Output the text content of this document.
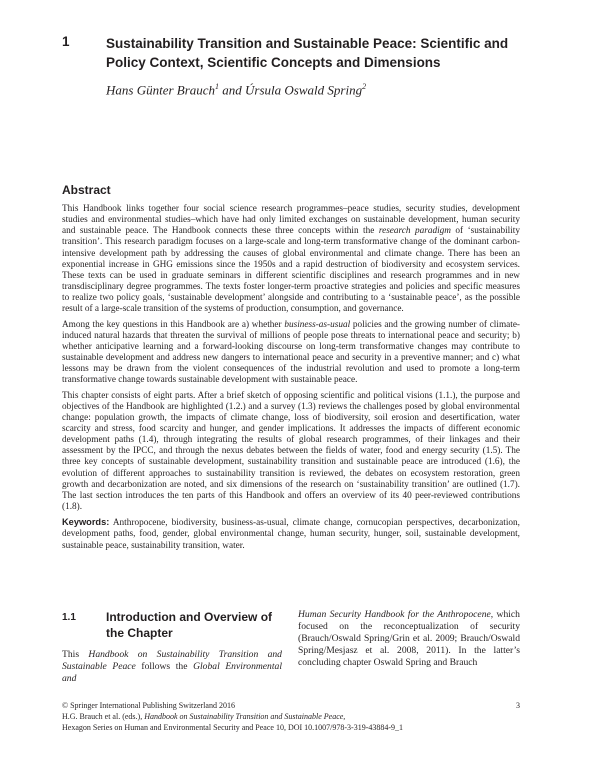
1	Sustainability Transition and Sustainable Peace: Scientific and Policy Context, Scientific Concepts and Dimensions
Hans Günter Brauch$^1$ and Úrsula Oswald Spring$^2$
Abstract

This Handbook links together four social science research programmes–peace studies, security studies, development studies and environmental studies–which have had only limited exchanges on sustainable development, human security and sustainable peace. The Handbook connects these three concepts within the research paradigm of ‘sustainability transition’. This research paradigm focuses on a large-scale and long-term transformative change of the dominant carbon-intensive development path by addressing the causes of global environmental and climate change. There has been an exponential increase in GHG emissions since the 1950s and a rapid destruction of biodiversity and ecosystem services. These texts can be used in graduate seminars in different scientific disciplines and research programmes and in new transdisciplinary degree programmes. The texts foster longer-term proactive strategies and policies and specific measures to realize two policy goals, ‘sustainable development’ alongside and contributing to a ‘sustainable peace’, as the possible result of a large-scale transition of the systems of production, consumption, and governance.

Among the key questions in this Handbook are a) whether business-as-usual policies and the growing number of climate-induced natural hazards that threaten the survival of millions of people pose threats to international peace and security; b) whether anticipative learning and a forward-looking discourse on long-term transformative changes may contribute to sustainable development and address new dangers to international peace and security in a preventive manner; and c) what lessons may be drawn from the violent consequences of the industrial revolution and used to promote a long-term transformative change towards sustainable development with sustainable peace.

This chapter consists of eight parts. After a brief sketch of opposing scientific and political visions (1.1.), the purpose and objectives of the Handbook are highlighted (1.2.) and a survey (1.3) reviews the challenges posed by global environmental change: population growth, the impacts of climate change, loss of biodiversity, soil erosion and desertification, water scarcity and stress, food scarcity and hunger, and gender implications. It addresses the impacts of different economic development paths (1.4), through integrating the results of global research programmes, of their linkages and their assessment by the IPCC, and through the nexus debates between the fields of water, food and energy security (1.5). The three key concepts of sustainable development, sustainability transition and sustainable peace are introduced (1.6), the evolution of different approaches to sustainability transition is reviewed, the debates on ecosystem restoration, green growth and decarbonization are noted, and six dimensions of the research on ‘sustainability transition’ are outlined (1.7). The last section introduces the ten parts of this Handbook and offers an overview of its 40 peer-reviewed contributions (1.8).

Keywords: Anthropocene, biodiversity, business-as-usual, climate change, cornucopian perspectives, decarbonization, development paths, food, gender, global environmental change, human security, hunger, soil, sustainable development, sustainable peace, sustainability transition, water.

1.1	Introduction and Overview of the Chapter

This Handbook on Sustainability Transition and Sustainable Peace follows the Global Environmental and

Human Security Handbook for the Anthropocene, which focused on the reconceptualization of security (Brauch/Oswald Spring/Grin et al. 2009; Brauch/Oswald Spring/Mesjasz et al. 2008, 2011). In the latter’s concluding chapter Oswald Spring and Brauch

© Springer International Publishing Switzerland 2016	3

H.G. Brauch et al. (eds.), Handbook on Sustainability Transition and Sustainable Peace,

Hexagon Series on Human and Environmental Security and Peace 10, DOI 10.1007/978-3-319-43884-9_1
